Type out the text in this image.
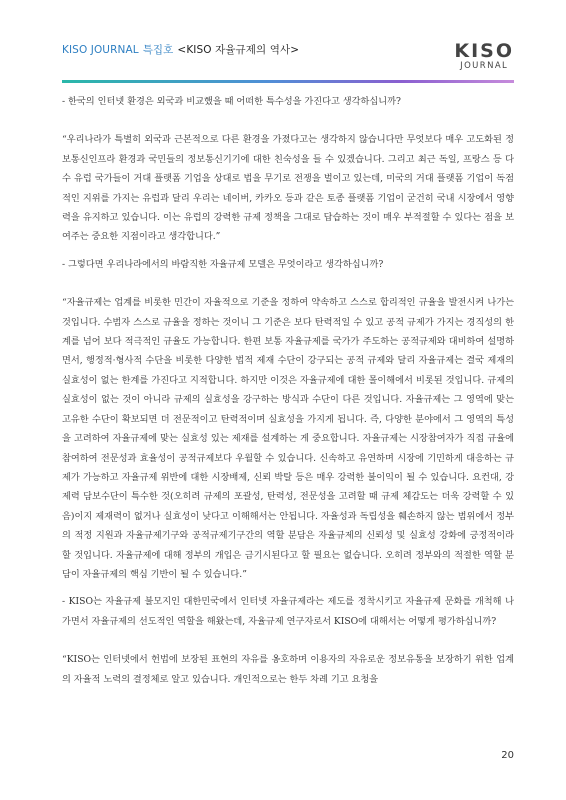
KISO JOURNAL 특집호 <KISO 자율규제의 역사>	KISO
JOURNAL

- 한국의 인터넷 환경은 외국과 비교했을 때 어떠한 특수성을 가진다고 생각하십니까?

“우리나라가 특별히 외국과 근본적으로 다른 환경을 가졌다고는 생각하지 않습니다만 무엇보다 매우 고도화된 정보통신인프라 환경과 국민들의 정보통신기기에 대한 친숙성을 들 수 있겠습니다. 그리고 최근 독일, 프랑스 등 다수 유럽 국가들이 거대 플랫폼 기업을 상대로 법을 무기로 전쟁을 벌이고 있는데, 미국의 거대 플랫폼 기업이 독점적인 지위를 가지는 유럽과 달리 우리는 네이버, 카카오 등과 같은 토종 플랫폼 기업이 굳건히 국내 시장에서 영향력을 유지하고 있습니다. 이는 유럽의 강력한 규제 정책을 그대로 답습하는 것이 매우 부적절할 수 있다는 점을 보여주는 중요한 지점이라고 생각합니다.”

- 그렇다면 우리나라에서의 바람직한 자율규제 모델은 무엇이라고 생각하십니까?

“자율규제는 업계를 비롯한 민간이 자율적으로 기준을 정하여 약속하고 스스로 합리적인 규율을 발전시켜 나가는 것입니다. 수범자 스스로 규율을 정하는 것이니 그 기준은 보다 탄력적일 수 있고 공적 규제가 가지는 경직성의 한계를 넘어 보다 적극적인 규율도 가능합니다. 한편 보통 자율규제를 국가가 주도하는 공적규제와 대비하여 설명하면서, 행정적·형사적 수단을 비롯한 다양한 법적 제재 수단이 강구되는 공적 규제와 달리 자율규제는 결국 제재의 실효성이 없는 한계를 가진다고 지적합니다. 하지만 이것은 자율규제에 대한 몰이해에서 비롯된 것입니다. 규제의 실효성이 없는 것이 아니라 규제의 실효성을 강구하는 방식과 수단이 다른 것입니다. 자율규제는 그 영역에 맞는 고유한 수단이 확보되면 더 전문적이고 탄력적이며 실효성을 가지게 됩니다. 즉, 다양한 분야에서 그 영역의 특성을 고려하여 자율규제에 맞는 실효성 있는 제재를 설계하는 게 중요합니다. 자율규제는 시장참여자가 직접 규율에 참여하여 전문성과 효율성이 공적규제보다 우월할 수 있습니다. 신속하고 유연하며 시장에 기민하게 대응하는 규제가 가능하고 자율규제 위반에 대한 시장배제, 신뢰 박탈 등은 매우 강력한 불이익이 될 수 있습니다. 요컨대, 강제력 담보수단이 특수한 것(오히려 규제의 포괄성, 탄력성, 전문성을 고려할 때 규제 체감도는 더욱 강력할 수 있음)이지 제재력이 없거나 실효성이 낮다고 이해해서는 안됩니다. 자율성과 독립성을 훼손하지 않는 범위에서 정부의 적정 지원과 자율규제기구와 공적규제기구간의 역할 분담은 자율규제의 신뢰성 및 실효성 강화에 긍정적이라 할 것입니다. 자율규제에 대해 정부의 개입은 금기시된다고 할 필요는 없습니다. 오히려 정부와의 적절한 역할 분담이 자율규제의 핵심 기반이 될 수 있습니다.”

- KISO는 자율규제 불모지인 대한민국에서 인터넷 자율규제라는 제도를 정착시키고 자율규제 문화를 개척해 나가면서 자율규제의 선도적인 역할을 해왔는데, 자율규제 연구자로서 KISO에 대해서는 어떻게 평가하십니까?

“KISO는 인터넷에서 헌법에 보장된 표현의 자유를 옹호하며 이용자의 자유로운 정보유통을 보장하기 위한 업계의 자율적 노력의 결정체로 알고 있습니다. 개인적으로는 한두 차례 기고 요청을

20
